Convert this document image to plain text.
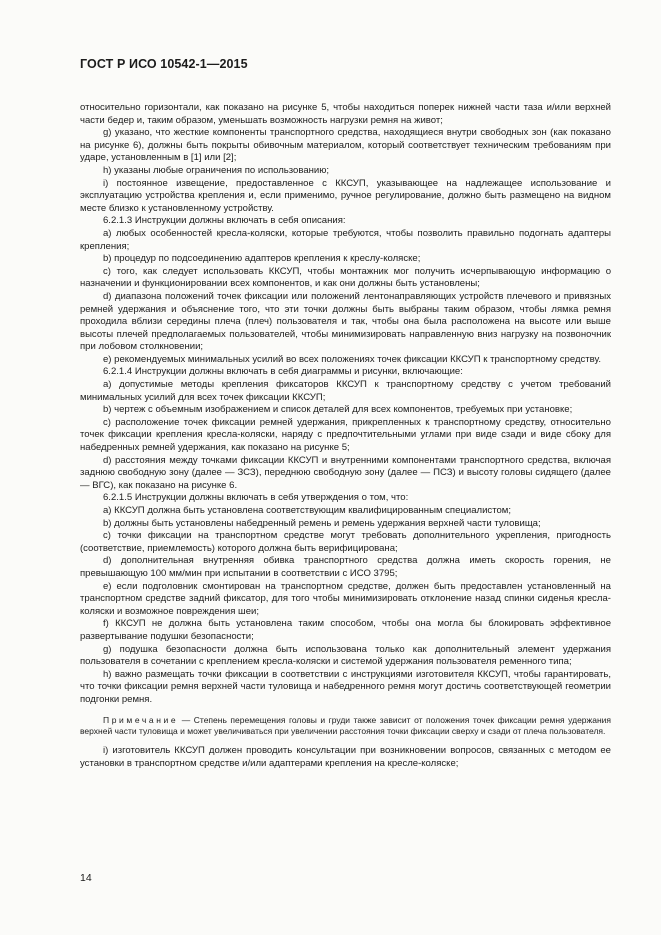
ГОСТ Р ИСО 10542-1—2015

относительно горизонтали, как показано на рисунке 5, чтобы находиться поперек нижней части таза и/или верхней части бедер и, таким образом, уменьшать возможность нагрузки ремня на живот;

g) указано, что жесткие компоненты транспортного средства, находящиеся внутри свободных зон (как показано на рисунке 6), должны быть покрыты обивочным материалом, который соответствует техническим требованиям при ударе, установленным в [1] или [2];

h) указаны любые ограничения по использованию;

i) постоянное извещение, предоставленное с ККСУП, указывающее на надлежащее использование и эксплуатацию устройства крепления и, если применимо, ручное регулирование, должно быть размещено на видном месте близко к установленному устройству.

6.2.1.3 Инструкции должны включать в себя описания:

a) любых особенностей кресла-коляски, которые требуются, чтобы позволить правильно подогнать адаптеры крепления;

b) процедур по подсоединению адаптеров крепления к креслу-коляске;

c) того, как следует использовать ККСУП, чтобы монтажник мог получить исчерпывающую информацию о назначении и функционировании всех компонентов, и как они должны быть установлены;

d) диапазона положений точек фиксации или положений лентонаправляющих устройств плечевого и привязных ремней удержания и объяснение того, что эти точки должны быть выбраны таким образом, чтобы лямка ремня проходила вблизи середины плеча (плеч) пользователя и так, чтобы она была расположена на высоте или выше высоты плечей предполагаемых пользователей, чтобы минимизировать направленную вниз нагрузку на позвоночник при лобовом столкновении;

e) рекомендуемых минимальных усилий во всех положениях точек фиксации ККСУП к транспортному средству.

6.2.1.4 Инструкции должны включать в себя диаграммы и рисунки, включающие:

a) допустимые методы крепления фиксаторов ККСУП к транспортному средству с учетом требований минимальных усилий для всех точек фиксации ККСУП;

b) чертеж с объемным изображением и список деталей для всех компонентов, требуемых при установке;

c) расположение точек фиксации ремней удержания, прикрепленных к транспортному средству, относительно точек фиксации крепления кресла-коляски, наряду с предпочтительными углами при виде сзади и виде сбоку для набедренных ремней удержания, как показано на рисунке 5;

d) расстояния между точками фиксации ККСУП и внутренними компонентами транспортного средства, включая заднюю свободную зону (далее — ЗСЗ), переднюю свободную зону (далее — ПСЗ) и высоту головы сидящего (далее — ВГС), как показано на рисунке 6.

6.2.1.5 Инструкции должны включать в себя утверждения о том, что:

a) ККСУП должна быть установлена соответствующим квалифицированным специалистом;

b) должны быть установлены набедренный ремень и ремень удержания верхней части туловища;

c) точки фиксации на транспортном средстве могут требовать дополнительного укрепления, пригодность (соответствие, приемлемость) которого должна быть верифицирована;

d) дополнительная внутренняя обивка транспортного средства должна иметь скорость горения, не превышающую 100 мм/мин при испытании в соответствии с ИСО 3795;

e) если подголовник смонтирован на транспортном средстве, должен быть предоставлен установленный на транспортном средстве задний фиксатор, для того чтобы минимизировать отклонение назад спинки сиденья кресла-коляски и возможное повреждения шеи;

f) ККСУП не должна быть установлена таким способом, чтобы она могла бы блокировать эффективное развертывание подушки безопасности;

g) подушка безопасности должна быть использована только как дополнительный элемент удержания пользователя в сочетании с креплением кресла-коляски и системой удержания пользователя ременного типа;

h) важно размещать точки фиксации в соответствии с инструкциями изготовителя ККСУП, чтобы гарантировать, что точки фиксации ремня верхней части туловища и набедренного ремня могут достичь соответствующей геометрии подгонки ремня.

Примечание — Степень перемещения головы и груди также зависит от положения точек фиксации ремня удержания верхней части туловища и может увеличиваться при увеличении расстояния точки фиксации сверху и сзади от плеча пользователя.

i) изготовитель ККСУП должен проводить консультации при возникновении вопросов, связанных с методом ее установки в транспортном средстве и/или адаптерами крепления на кресле-коляске;

14
